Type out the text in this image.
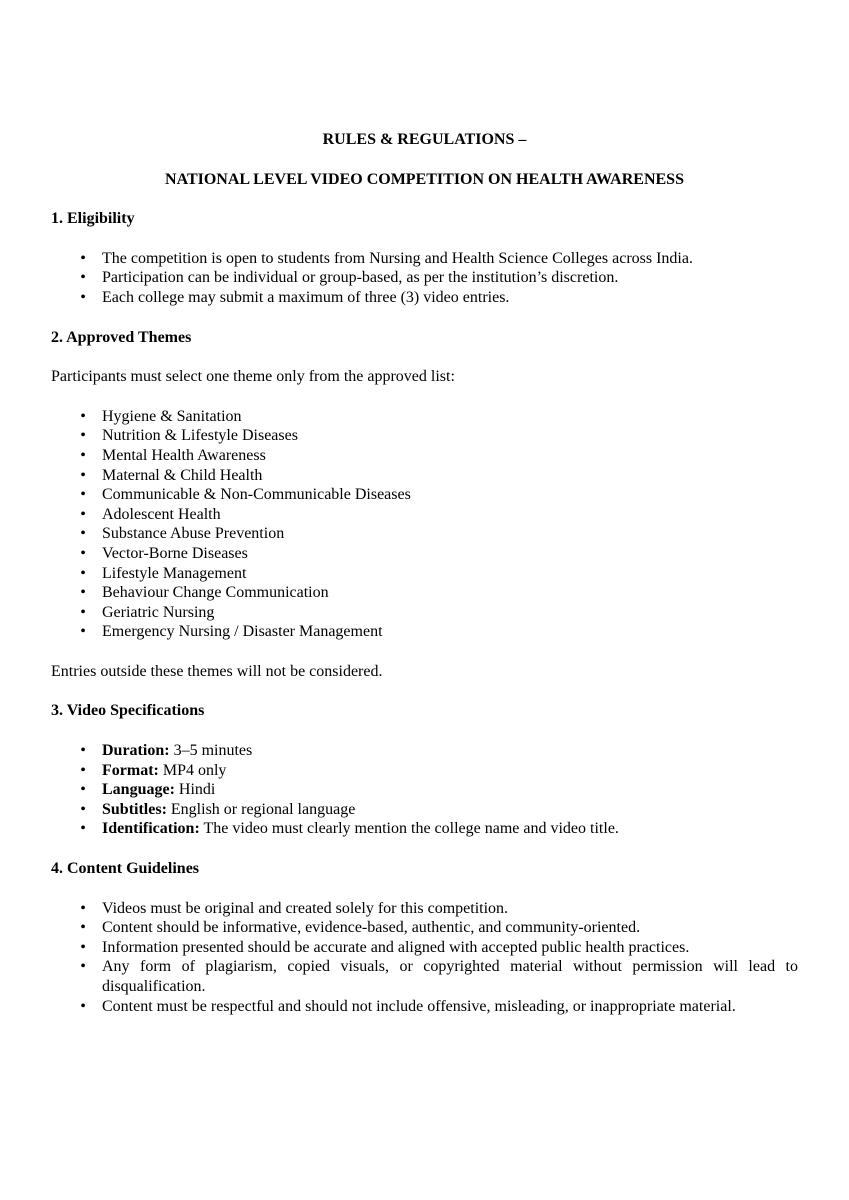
RULES & REGULATIONS –

NATIONAL LEVEL VIDEO COMPETITION ON HEALTH AWARENESS

1. Eligibility

• The competition is open to students from Nursing and Health Science Colleges across India.
• Participation can be individual or group-based, as per the institution’s discretion.
• Each college may submit a maximum of three (3) video entries.

2. Approved Themes

Participants must select one theme only from the approved list:

• Hygiene & Sanitation
• Nutrition & Lifestyle Diseases
• Mental Health Awareness
• Maternal & Child Health
• Communicable & Non-Communicable Diseases
• Adolescent Health
• Substance Abuse Prevention
• Vector-Borne Diseases
• Lifestyle Management
• Behaviour Change Communication
• Geriatric Nursing
• Emergency Nursing / Disaster Management

Entries outside these themes will not be considered.

3. Video Specifications

• Duration: 3–5 minutes
• Format: MP4 only
• Language: Hindi
• Subtitles: English or regional language
• Identification: The video must clearly mention the college name and video title.

4. Content Guidelines

• Videos must be original and created solely for this competition.
• Content should be informative, evidence-based, authentic, and community-oriented.
• Information presented should be accurate and aligned with accepted public health practices.
• Any form of plagiarism, copied visuals, or copyrighted material without permission will lead to disqualification.
• Content must be respectful and should not include offensive, misleading, or inappropriate material.
